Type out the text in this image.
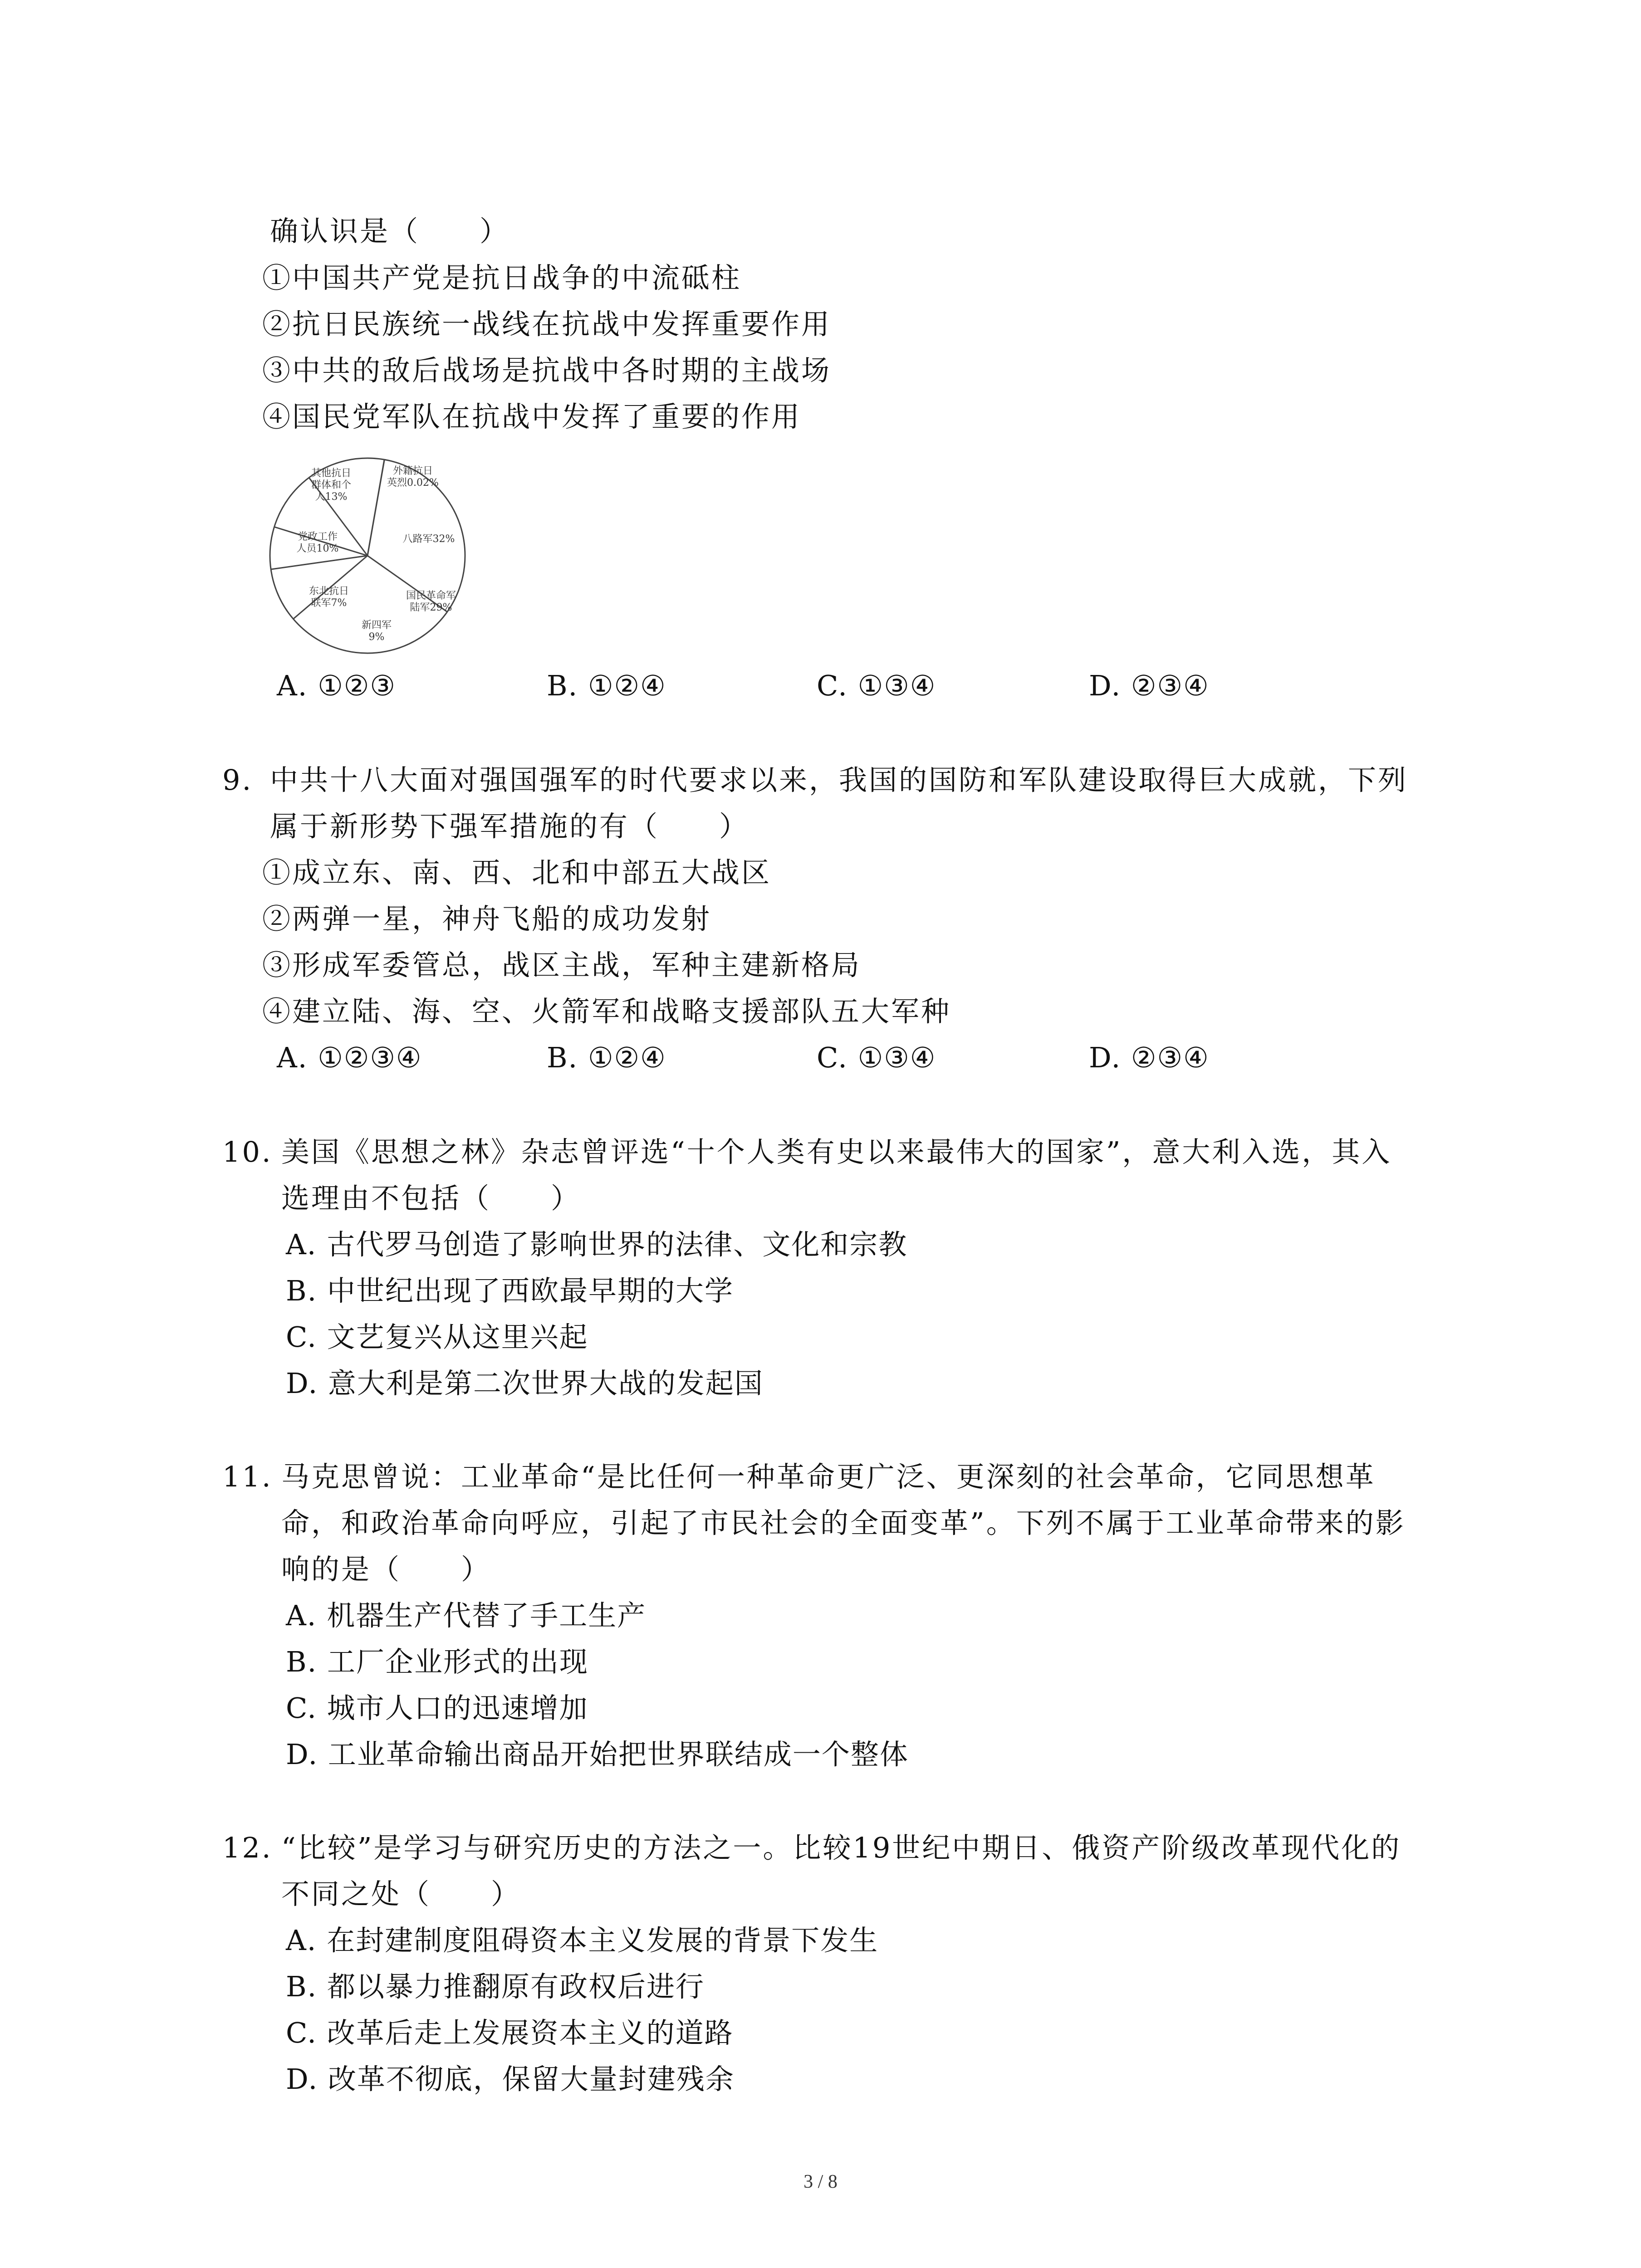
确认识是（　　）
①中国共产党是抗日战争的中流砥柱
②抗日民族统一战线在抗战中发挥重要作用
③中共的敌后战场是抗战中各时期的主战场
④国民党军队在抗战中发挥了重要的作用
八路军32%
国民革命军陆军29%
新四军 9%
东北抗日联军7%
党政工作人员10%
其他抗日群体和个人13%
外籍抗日英烈0.02%
A. ①②③	B. ①②④	C. ①③④	D. ②③④
9. 中共十八大面对强国强军的时代要求以来，我国的国防和军队建设取得巨大成就，下列
属于新形势下强军措施的有（　　）
①成立东、南、西、北和中部五大战区
②两弹一星，神舟飞船的成功发射
③形成军委管总，战区主战，军种主建新格局
④建立陆、海、空、火箭军和战略支援部队五大军种
A. ①②③④	B. ①②④	C. ①③④	D. ②③④
10. 美国《思想之林》杂志曾评选“十个人类有史以来最伟大的国家”，意大利入选，其入
选理由不包括（　　）
A. 古代罗马创造了影响世界的法律、文化和宗教
B. 中世纪出现了西欧最早期的大学
C. 文艺复兴从这里兴起
D. 意大利是第二次世界大战的发起国
11. 马克思曾说：工业革命“是比任何一种革命更广泛、更深刻的社会革命，它同思想革
命，和政治革命向呼应，引起了市民社会的全面变革”。下列不属于工业革命带来的影
响的是（　　）
A. 机器生产代替了手工生产
B. 工厂企业形式的出现
C. 城市人口的迅速增加
D. 工业革命输出商品开始把世界联结成一个整体
12. “比较”是学习与研究历史的方法之一。比较19世纪中期日、俄资产阶级改革现代化的
不同之处（　　）
A. 在封建制度阻碍资本主义发展的背景下发生
B. 都以暴力推翻原有政权后进行
C. 改革后走上发展资本主义的道路
D. 改革不彻底，保留大量封建残余
3 / 8
